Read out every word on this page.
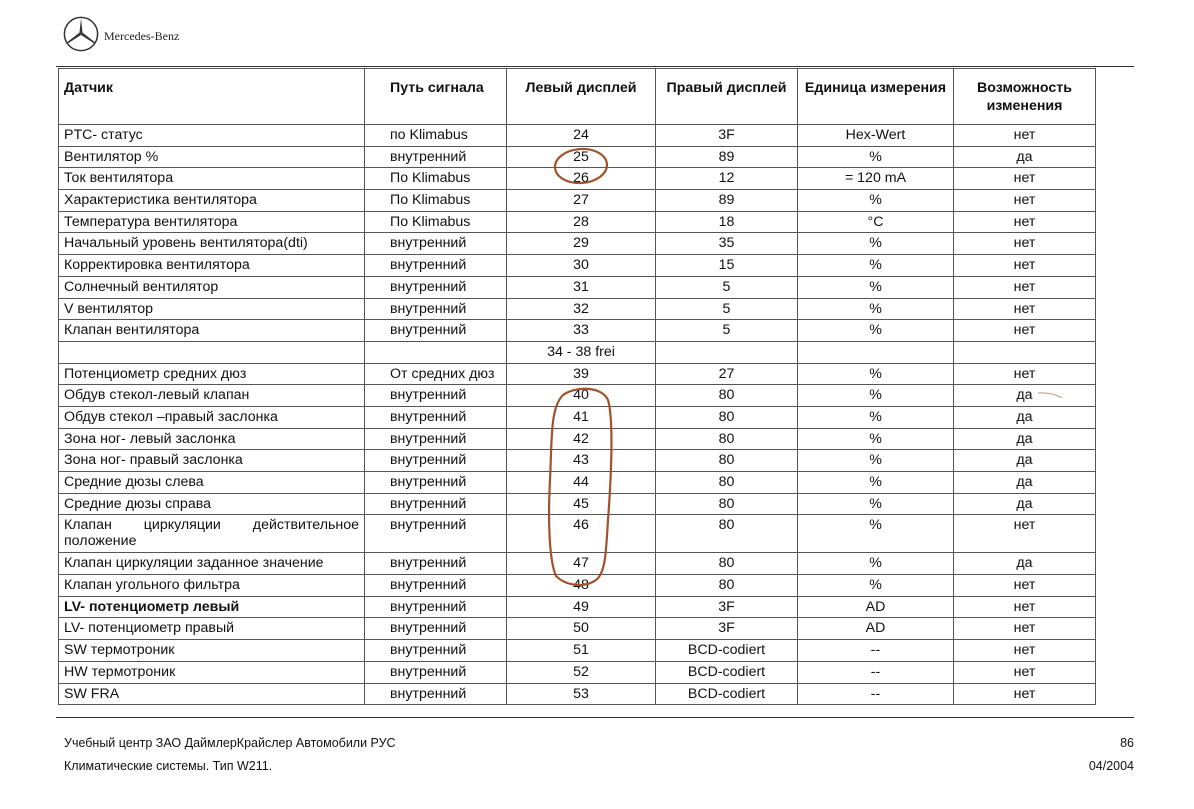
Mercedes-Benz
Датчик	Путь сигнала	Левый дисплей	Правый дисплей	Единица измерения	Возможность изменения
PTC- статус	по Klimabus	24	3F	Hex-Wert	нет
Вентилятор %	внутренний	25	89	%	да
Ток вентилятора	По Klimabus	26	12	= 120 mA	нет
Характеристика вентилятора	По Klimabus	27	89	%	нет
Температура вентилятора	По Klimabus	28	18	°C	нет
Начальный уровень вентилятора(dti)	внутренний	29	35	%	нет
Корректировка вентилятора	внутренний	30	15	%	нет
Солнечный вентилятор	внутренний	31	5	%	нет
V вентилятор	внутренний	32	5	%	нет
Клапан вентилятора	внутренний	33	5	%	нет
		34 - 38 frei			
Потенциометр средних дюз	От средних дюз	39	27	%	нет
Обдув стекол-левый клапан	внутренний	40	80	%	да
Обдув стекол –правый заслонка	внутренний	41	80	%	да
Зона ног- левый заслонка	внутренний	42	80	%	да
Зона ног- правый заслонка	внутренний	43	80	%	да
Средние дюзы слева	внутренний	44	80	%	да
Средние дюзы справа	внутренний	45	80	%	да
Клапан циркуляции действительное положение	внутренний	46	80	%	нет
Клапан циркуляции заданное значение	внутренний	47	80	%	да
Клапан угольного фильтра	внутренний	48	80	%	нет
LV- потенциометр левый	внутренний	49	3F	AD	нет
LV- потенциометр правый	внутренний	50	3F	AD	нет
SW термотроник	внутренний	51	BCD-codiert	--	нет
HW термотроник	внутренний	52	BCD-codiert	--	нет
SW FRA	внутренний	53	BCD-codiert	--	нет
Учебный центр ЗАО ДаймлерКрайслер Автомобили РУС
Климатические системы. Тип W211.
86
04/2004
